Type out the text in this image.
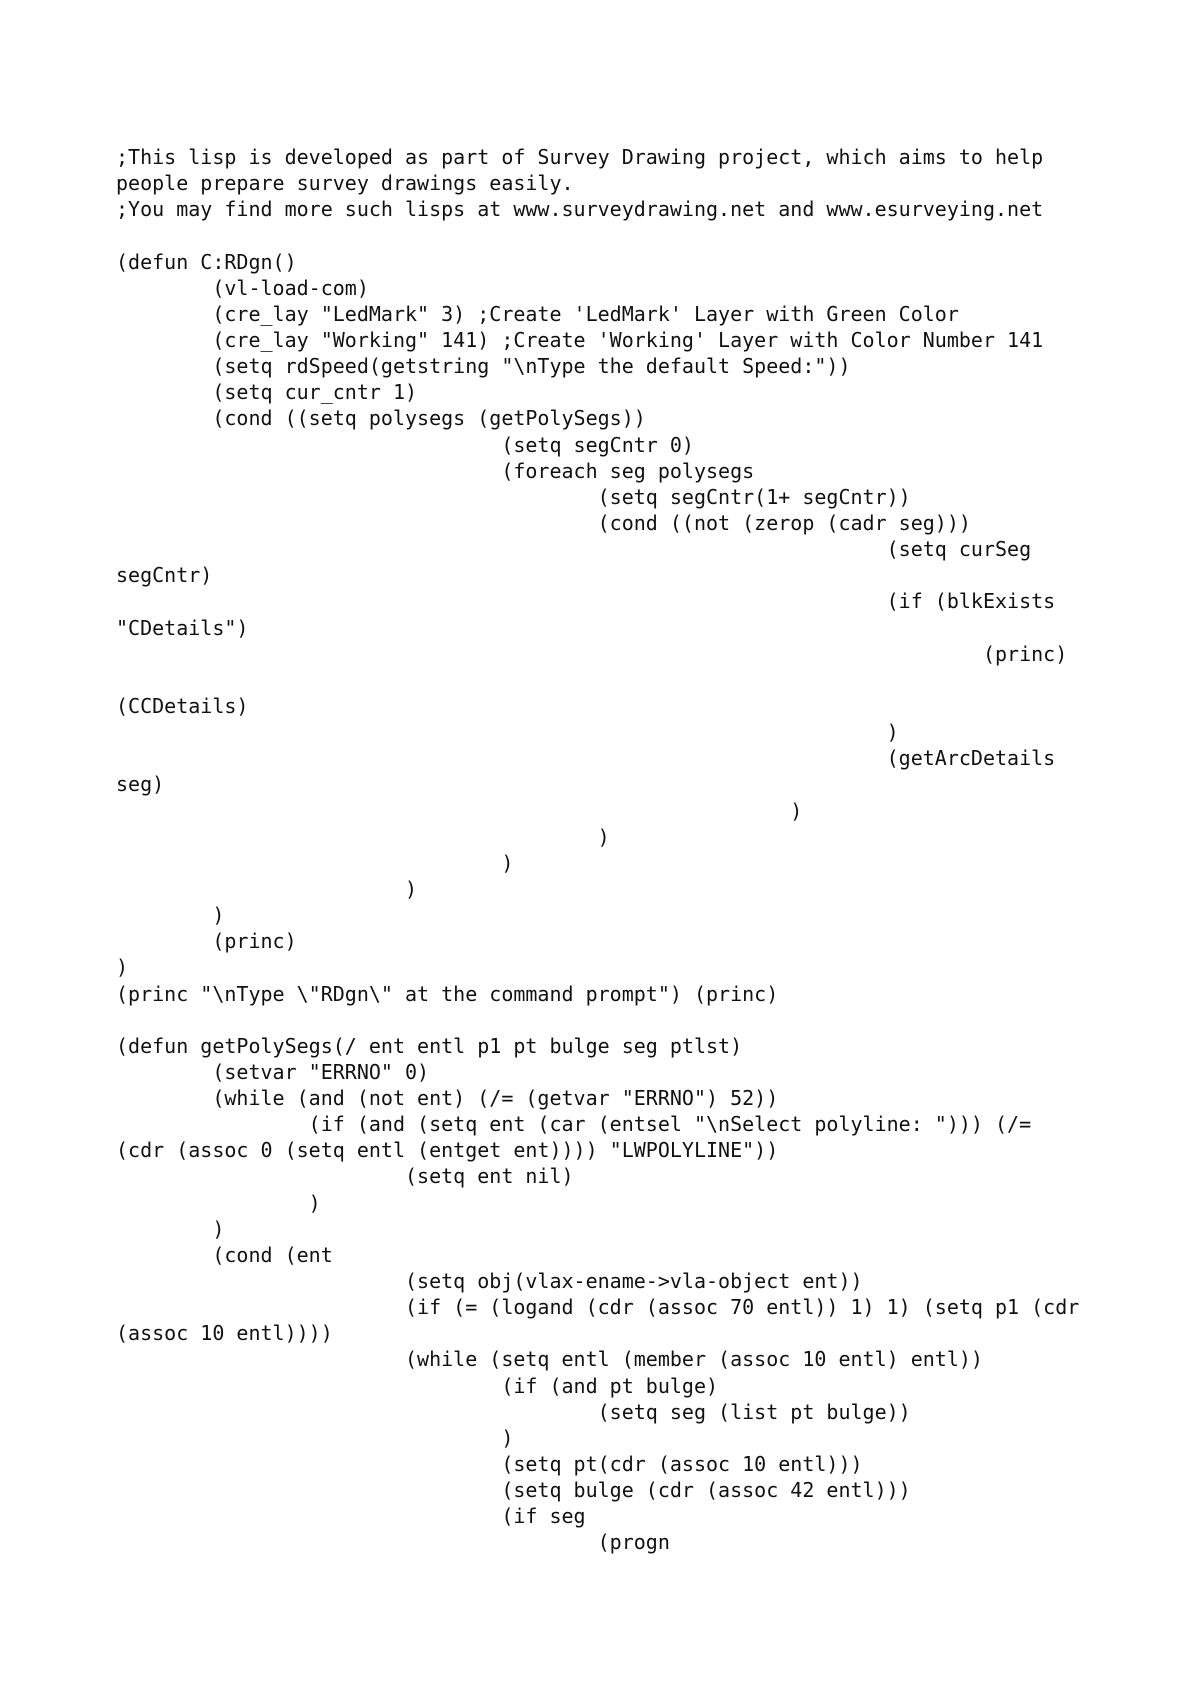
;This lisp is developed as part of Survey Drawing project, which aims to help
people prepare survey drawings easily.
;You may find more such lisps at www.surveydrawing.net and www.esurveying.net
(defun C:RDgn()
(vl-load-com)
(cre_lay "LedMark" 3) ;Create 'LedMark' Layer with Green Color
(cre_lay "Working" 141) ;Create 'Working' Layer with Color Number 141
(setq rdSpeed(getstring "\nType the default Speed:"))
(setq cur_cntr 1)
(cond ((setq polysegs (getPolySegs))
(setq segCntr 0)
(foreach seg polysegs
(setq segCntr(1+ segCntr))
(cond ((not (zerop (cadr seg)))
(setq curSeg
segCntr)
(if (blkExists
"CDetails")
(princ)
(CCDetails)
)
(getArcDetails
seg)
)
)
)
)
)
(princ)
)
(princ "\nType \"RDgn\" at the command prompt") (princ)
(defun getPolySegs(/ ent entl p1 pt bulge seg ptlst)
(setvar "ERRNO" 0)
(while (and (not ent) (/= (getvar "ERRNO") 52))
(if (and (setq ent (car (entsel "\nSelect polyline: "))) (/=
(cdr (assoc 0 (setq entl (entget ent)))) "LWPOLYLINE"))
(setq ent nil)
)
)
(cond (ent
(setq obj(vlax-ename->vla-object ent))
(if (= (logand (cdr (assoc 70 entl)) 1) 1) (setq p1 (cdr
(assoc 10 entl))))
(while (setq entl (member (assoc 10 entl) entl))
(if (and pt bulge)
(setq seg (list pt bulge))
)
(setq pt(cdr (assoc 10 entl)))
(setq bulge (cdr (assoc 42 entl)))
(if seg
(progn
